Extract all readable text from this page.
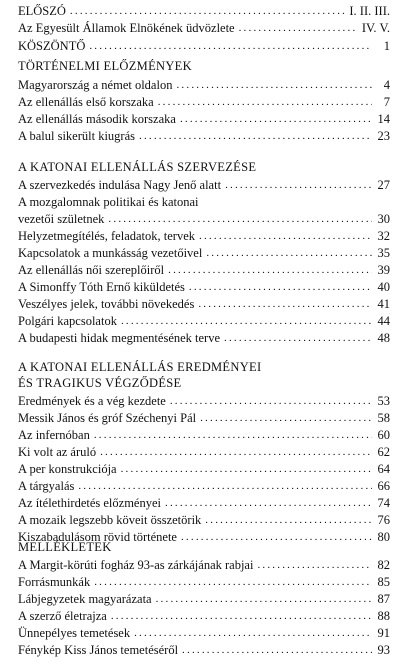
ELŐSZÓ .....	I. II. III.
Az Egyesült Államok Elnökének üdvözlete .....	IV. V.
KÖSZÖNTŐ .....	1
TÖRTÉNELMI ELŐZMÉNYEK
Magyarország a német oldalon .....	4
Az ellenállás első korszaka .....	7
Az ellenállás második korszaka .....	14
A balul sikerült kiugrás .....	23
A KATONAI ELLENÁLLÁS SZERVEZÉSE
A szervezkedés indulása Nagy Jenő alatt .....	27
A mozgalomnak politikai és katonai
vezetői születnek .....	30
Helyzetmegítélés, feladatok, tervek .....	32
Kapcsolatok a munkásság vezetőivel .....	35
Az ellenállás női szereplőiről .....	39
A Simonffy Tóth Ernő kiküldetés .....	40
Veszélyes jelek, további növekedés .....	41
Polgári kapcsolatok .....	44
A budapesti hidak megmentésének terve .....	48
A KATONAI ELLENÁLLÁS EREDMÉNYEI
ÉS TRAGIKUS VÉGZŐDÉSE
Eredmények és a vég kezdete .....	53
Messik János és gróf Széchenyi Pál .....	58
Az infernóban .....	60
Ki volt az áruló .....	62
A per konstrukciója .....	64
A tárgyalás .....	66
Az ítélethirdetés előzményei .....	74
A mozaik legszebb köveit összetörik .....	76
Kiszabadulásom rövid története .....	80
MELLÉKLETEK
A Margit-körúti fogház 93-as zárkájának rabjai .....	82
Forrásmunkák .....	85
Lábjegyzetek magyarázata .....	87
A szerző életrajza .....	88
Ünnepélyes temetések .....	91
Fénykép Kiss János temetéséről .....	93
